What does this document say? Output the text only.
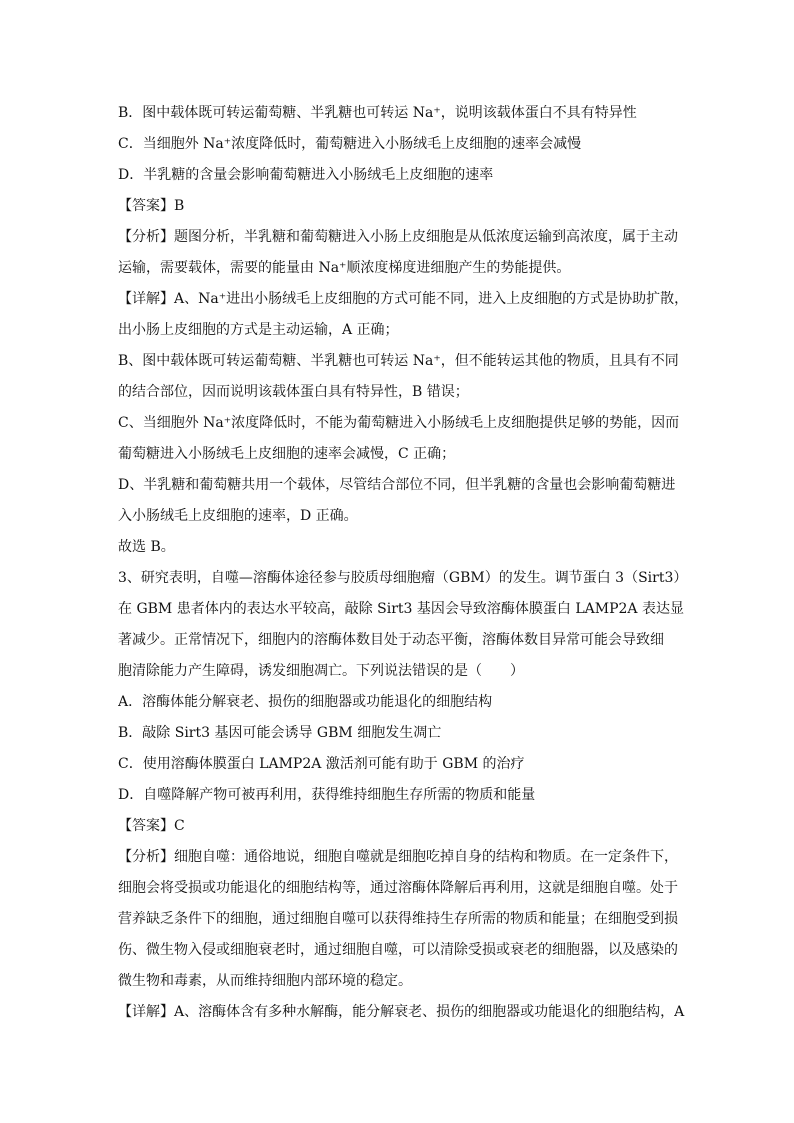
B．图中载体既可转运葡萄糖、半乳糖也可转运 Na⁺，说明该载体蛋白不具有特异性
C．当细胞外 Na⁺浓度降低时，葡萄糖进入小肠绒毛上皮细胞的速率会减慢
D．半乳糖的含量会影响葡萄糖进入小肠绒毛上皮细胞的速率
【答案】B
【分析】题图分析，半乳糖和葡萄糖进入小肠上皮细胞是从低浓度运输到高浓度，属于主动
运输，需要载体，需要的能量由 Na⁺顺浓度梯度进细胞产生的势能提供。
【详解】A、Na⁺进出小肠绒毛上皮细胞的方式可能不同，进入上皮细胞的方式是协助扩散，
出小肠上皮细胞的方式是主动运输，A 正确；
B、图中载体既可转运葡萄糖、半乳糖也可转运 Na⁺，但不能转运其他的物质，且具有不同
的结合部位，因而说明该载体蛋白具有特异性，B 错误；
C、当细胞外 Na⁺浓度降低时，不能为葡萄糖进入小肠绒毛上皮细胞提供足够的势能，因而
葡萄糖进入小肠绒毛上皮细胞的速率会减慢，C 正确；
D、半乳糖和葡萄糖共用一个载体，尽管结合部位不同，但半乳糖的含量也会影响葡萄糖进
入小肠绒毛上皮细胞的速率，D 正确。
故选 B。
3、研究表明，自噬—溶酶体途径参与胶质母细胞瘤（GBM）的发生。调节蛋白 3（Sirt3）
在 GBM 患者体内的表达水平较高，敲除 Sirt3 基因会导致溶酶体膜蛋白 LAMP2A 表达显
著减少。正常情况下，细胞内的溶酶体数目处于动态平衡，溶酶体数目异常可能会导致细
胞清除能力产生障碍，诱发细胞凋亡。下列说法错误的是（　　）
A．溶酶体能分解衰老、损伤的细胞器或功能退化的细胞结构
B．敲除 Sirt3 基因可能会诱导 GBM 细胞发生凋亡
C．使用溶酶体膜蛋白 LAMP2A 激活剂可能有助于 GBM 的治疗
D．自噬降解产物可被再利用，获得维持细胞生存所需的物质和能量
【答案】C
【分析】细胞自噬：通俗地说，细胞自噬就是细胞吃掉自身的结构和物质。在一定条件下，
细胞会将受损或功能退化的细胞结构等，通过溶酶体降解后再利用，这就是细胞自噬。处于
营养缺乏条件下的细胞，通过细胞自噬可以获得维持生存所需的物质和能量；在细胞受到损
伤、微生物入侵或细胞衰老时，通过细胞自噬，可以清除受损或衰老的细胞器，以及感染的
微生物和毒素，从而维持细胞内部环境的稳定。
【详解】A、溶酶体含有多种水解酶，能分解衰老、损伤的细胞器或功能退化的细胞结构，A
